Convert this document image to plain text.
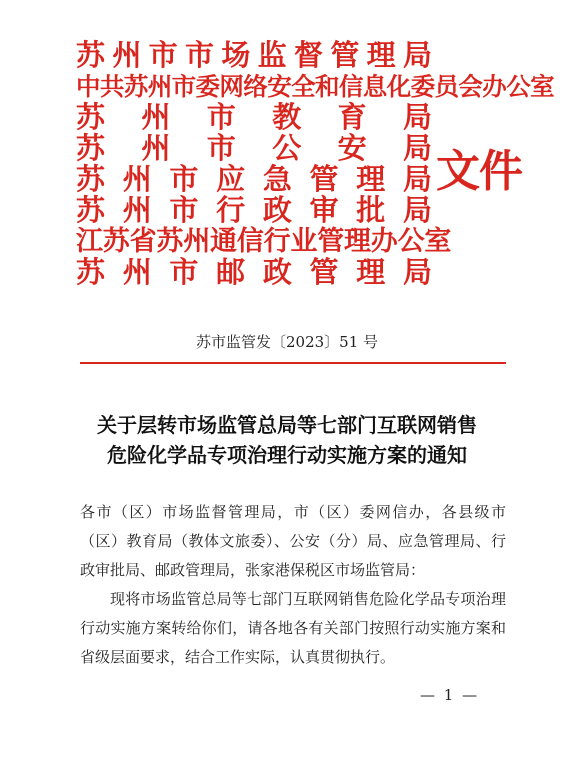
苏州市市场监督管理局
中共苏州市委网络安全和信息化委员会办公室
苏州市教育局
苏州市公安局
苏州市应急管理局
苏州市行政审批局
江苏省苏州通信行业管理办公室
苏州市邮政管理局
文件
苏市监管发〔2023〕51 号
关于层转市场监管总局等七部门互联网销售
危险化学品专项治理行动实施方案的通知

各市（区）市场监督管理局，市（区）委网信办，各县级市（区）教育局（教体文旅委）、公安（分）局、应急管理局、行政审批局、邮政管理局，张家港保税区市场监管局：

现将市场监管总局等七部门互联网销售危险化学品专项治理行动实施方案转给你们，请各地各有关部门按照行动实施方案和省级层面要求，结合工作实际，认真贯彻执行。

— 1 —
